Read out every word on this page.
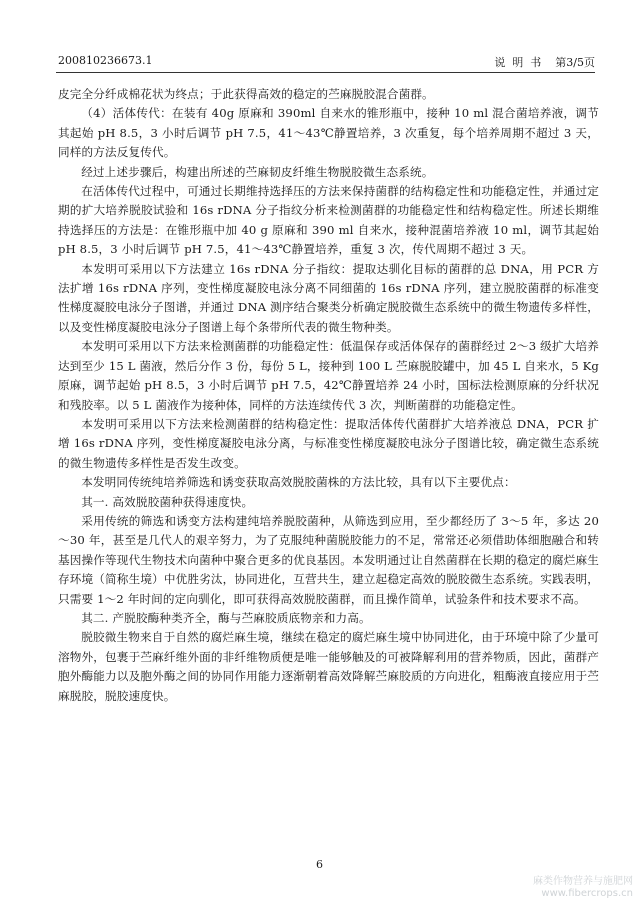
200810236673.1	说  明  书    第3/5页

皮完全分纤成棉花状为终点；于此获得高效的稳定的苎麻脱胶混合菌群。

（4）活体传代：在装有 40g 原麻和 390ml 自来水的锥形瓶中，接种 10 ml 混合菌培养液，调节其起始 pH 8.5，3 小时后调节 pH 7.5，41～43℃静置培养，3 次重复，每个培养周期不超过 3 天，同样的方法反复传代。

经过上述步骤后，构建出所述的苎麻韧皮纤维生物脱胶微生态系统。

在活体传代过程中，可通过长期维持选择压的方法来保持菌群的结构稳定性和功能稳定性，并通过定期的扩大培养脱胶试验和 16s rDNA 分子指纹分析来检测菌群的功能稳定性和结构稳定性。所述长期维持选择压的方法是：在锥形瓶中加 40 g 原麻和 390 ml 自来水，接种混菌培养液 10 ml，调节其起始 pH 8.5，3 小时后调节 pH 7.5，41～43℃静置培养，重复 3 次，传代周期不超过 3 天。

本发明可采用以下方法建立 16s rDNA 分子指纹：提取达驯化目标的菌群的总 DNA，用 PCR 方法扩增 16s rDNA 序列，变性梯度凝胶电泳分离不同细菌的 16s rDNA 序列，建立脱胶菌群的标准变性梯度凝胶电泳分子图谱，并通过 DNA 测序结合聚类分析确定脱胶微生态系统中的微生物遗传多样性，以及变性梯度凝胶电泳分子图谱上每个条带所代表的微生物种类。

本发明可采用以下方法来检测菌群的功能稳定性：低温保存或活体保存的菌群经过 2～3 级扩大培养达到至少 15 L 菌液，然后分作 3 份，每份 5 L，接种到 100 L 苎麻脱胶罐中，加 45 L 自来水，5 Kg 原麻，调节起始 pH 8.5，3 小时后调节 pH 7.5，42℃静置培养 24 小时，国标法检测原麻的分纤状况和残胶率。以 5 L 菌液作为接种体，同样的方法连续传代 3 次，判断菌群的功能稳定性。

本发明可采用以下方法来检测菌群的结构稳定性：提取活体传代菌群扩大培养液总 DNA，PCR 扩增 16s rDNA 序列，变性梯度凝胶电泳分离，与标准变性梯度凝胶电泳分子图谱比较，确定微生态系统的微生物遗传多样性是否发生改变。

本发明同传统纯培养筛选和诱变获取高效脱胶菌株的方法比较，具有以下主要优点：

其一. 高效脱胶菌种获得速度快。

采用传统的筛选和诱变方法构建纯培养脱胶菌种，从筛选到应用，至少都经历了 3～5 年，多达 20～30 年，甚至是几代人的艰辛努力，为了克服纯种菌脱胶能力的不足，常常还必须借助体细胞融合和转基因操作等现代生物技术向菌种中聚合更多的优良基因。本发明通过让自然菌群在长期的稳定的腐烂麻生存环境（简称生境）中优胜劣汰，协同进化，互营共生，建立起稳定高效的脱胶微生态系统。实践表明，只需要 1～2 年时间的定向驯化，即可获得高效脱胶菌群，而且操作简单，试验条件和技术要求不高。

其二. 产脱胶酶种类齐全，酶与苎麻胶质底物亲和力高。

脱胶微生物来自于自然的腐烂麻生境，继续在稳定的腐烂麻生境中协同进化，由于环境中除了少量可溶物外，包裹于苎麻纤维外面的非纤维物质便是唯一能够触及的可被降解利用的营养物质，因此，菌群产胞外酶能力以及胞外酶之间的协同作用能力逐渐朝着高效降解苎麻胶质的方向进化，粗酶液直接应用于苎麻脱胶，脱胶速度快。

6
麻类作物营养与施肥网
www.fibercrops.cn
